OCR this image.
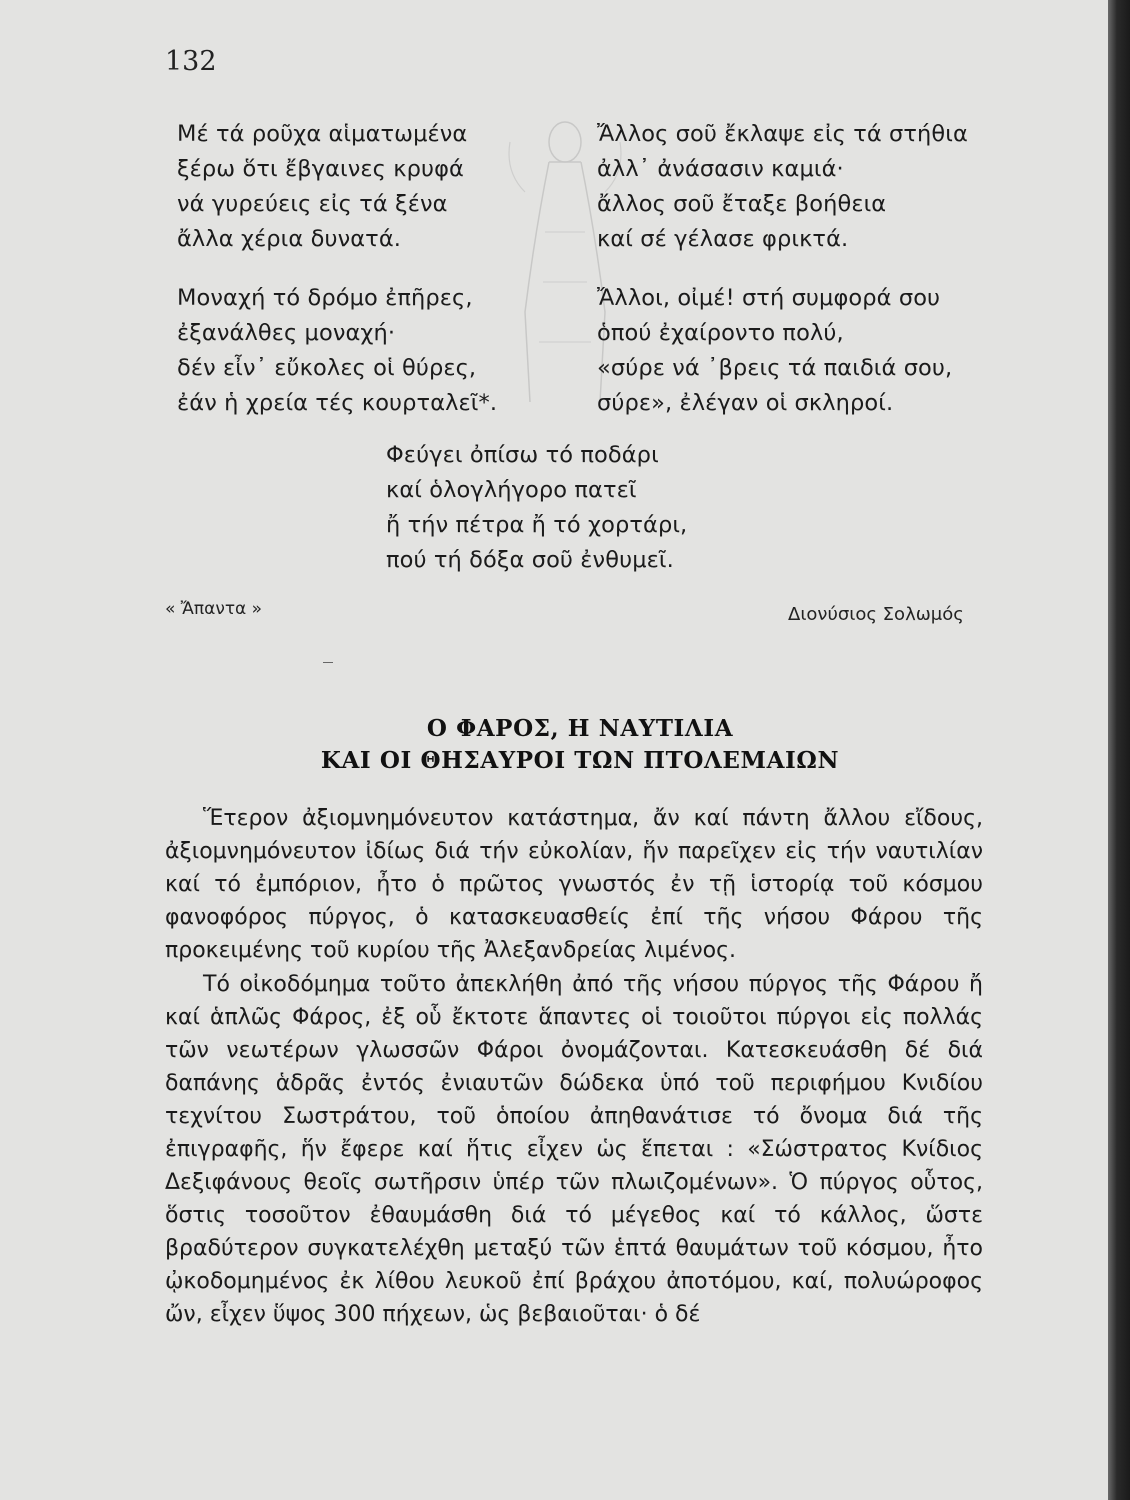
132
Μέ τά ροῦχα αἱματωμένα
ξέρω ὅτι ἔβγαινες κρυφά
νά γυρεύεις εἰς τά ξένα
ἄλλα χέρια δυνατά.
Μοναχή τό δρόμο ἐπῆρες,
ἐξανάλθες μοναχή·
δέν εἶν᾽ εὔκολες οἱ θύρες,
ἐάν ἡ χρεία τές κουρταλεῖ*.
Ἄλλος σοῦ ἔκλαψε εἰς τά στήθια
ἀλλ᾽ ἀνάσασιν καμιά·
ἄλλος σοῦ ἔταξε βοήθεια
καί σέ γέλασε φρικτά.
Ἄλλοι, οἰμέ! στή συμφορά σου
ὁπού ἐχαίροντο πολύ,
«σύρε νά ᾽βρεις τά παιδιά σου,
σύρε», ἐλέγαν οἱ σκληροί.
Φεύγει ὀπίσω τό ποδάρι
καί ὁλογλήγορο πατεῖ
ἤ τήν πέτρα ἤ τό χορτάρι,
πού τή δόξα σοῦ ἐνθυμεῖ.
« Ἄπαντα »	Διονύσιος Σολωμός
Ο ΦΑΡΟΣ, Η ΝΑΥΤΙΛΙΑ
ΚΑΙ ΟΙ ΘΗΣΑΥΡΟΙ ΤΩΝ ΠΤΟΛΕΜΑΙΩΝ

Ἕτερον ἀξιομνημόνευτον κατάστημα, ἄν καί πάντη ἄλλου εἴδους, ἀξιομνημόνευτον ἰδίως διά τήν εὐκολίαν, ἥν παρεῖχεν εἰς τήν ναυτιλίαν καί τό ἐμπόριον, ἦτο ὁ πρῶτος γνωστός ἐν τῇ ἱστορίᾳ τοῦ κόσμου φανοφόρος πύργος, ὁ κατασκευασθείς ἐπί τῆς νήσου Φάρου τῆς προκειμένης τοῦ κυρίου τῆς Ἀλεξανδρείας λιμένος.

Τό οἰκοδόμημα τοῦτο ἀπεκλήθη ἀπό τῆς νήσου πύργος τῆς Φάρου ἤ καί ἁπλῶς Φάρος, ἐξ οὗ ἔκτοτε ἅπαντες οἱ τοιοῦτοι πύργοι εἰς πολλάς τῶν νεωτέρων γλωσσῶν Φάροι ὀνομάζονται. Κατεσκευάσθη δέ διά δαπάνης ἁδρᾶς ἐντός ἐνιαυτῶν δώδεκα ὑπό τοῦ περιφήμου Κνιδίου τεχνίτου Σωστράτου, τοῦ ὁποίου ἀπηθανάτισε τό ὄνομα διά τῆς ἐπιγραφῆς, ἥν ἔφερε καί ἥτις εἶχεν ὡς ἕπεται : «Σώστρατος Κνίδιος Δεξιφάνους θεοῖς σωτῆρσιν ὑπέρ τῶν πλωιζομένων». Ὁ πύργος οὗτος, ὅστις τοσοῦτον ἐθαυμάσθη διά τό μέγεθος καί τό κάλλος, ὥστε βραδύτερον συγκατελέχθη μεταξύ τῶν ἑπτά θαυμάτων τοῦ κόσμου, ἦτο ᾠκοδομημένος ἐκ λίθου λευκοῦ ἐπί βράχου ἀποτόμου, καί, πολυώροφος ὤν, εἶχεν ὕψος 300 πήχεων, ὡς βεβαιοῦται· ὁ δέ
